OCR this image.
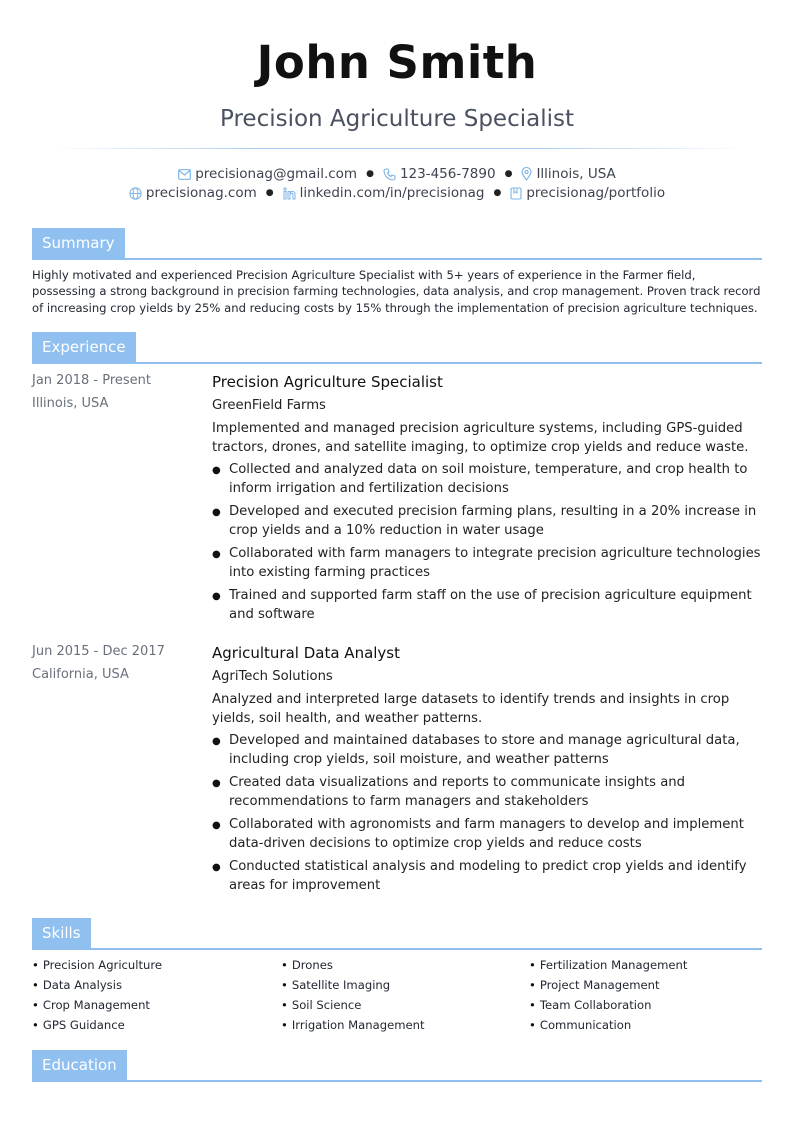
John Smith
Precision Agriculture Specialist
precisionag@gmail.com ● 123-456-7890 ● Illinois, USA
precisionag.com ● linkedin.com/in/precisionag ● precisionag/portfolio
Summary
Highly motivated and experienced Precision Agriculture Specialist with 5+ years of experience in the Farmer field, possessing a strong background in precision farming technologies, data analysis, and crop management. Proven track record of increasing crop yields by 25% and reducing costs by 15% through the implementation of precision agriculture techniques.
Experience
Jan 2018 - Present
Illinois, USA
Precision Agriculture Specialist
GreenField Farms
Implemented and managed precision agriculture systems, including GPS-guided tractors, drones, and satellite imaging, to optimize crop yields and reduce waste.
● Collected and analyzed data on soil moisture, temperature, and crop health to inform irrigation and fertilization decisions
● Developed and executed precision farming plans, resulting in a 20% increase in crop yields and a 10% reduction in water usage
● Collaborated with farm managers to integrate precision agriculture technologies into existing farming practices
● Trained and supported farm staff on the use of precision agriculture equipment and software
Jun 2015 - Dec 2017
California, USA
Agricultural Data Analyst
AgriTech Solutions
Analyzed and interpreted large datasets to identify trends and insights in crop yields, soil health, and weather patterns.
● Developed and maintained databases to store and manage agricultural data, including crop yields, soil moisture, and weather patterns
● Created data visualizations and reports to communicate insights and recommendations to farm managers and stakeholders
● Collaborated with agronomists and farm managers to develop and implement data-driven decisions to optimize crop yields and reduce costs
● Conducted statistical analysis and modeling to predict crop yields and identify areas for improvement
Skills
• Precision Agriculture
• Data Analysis
• Crop Management
• GPS Guidance
• Drones
• Satellite Imaging
• Soil Science
• Irrigation Management
• Fertilization Management
• Project Management
• Team Collaboration
• Communication
Education
